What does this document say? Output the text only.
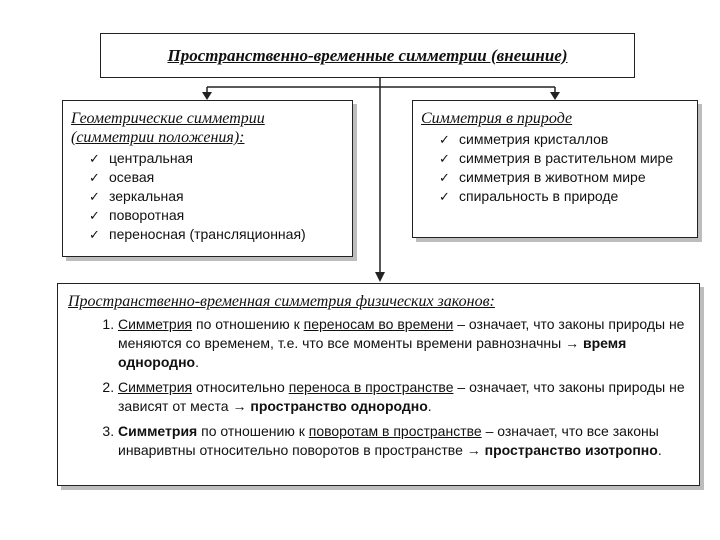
Пространственно-временные симметрии (внешние)
Геометрические симметрии
(симметрии положения):
✓ центральная
✓ осевая
✓ зеркальная
✓ поворотная
✓ переносная (трансляционная)
Симметрия в природе
✓ симметрия кристаллов
✓ симметрия в растительном мире
✓ симметрия в животном мире
✓ спиральность в природе
Пространственно-временная симметрия физических законов:
1. Симметрия по отношению к переносам во времени – означает, что законы природы не меняются со временем, т.е. что все моменты времени равнозначны → время однородно.
2. Симметрия относительно переноса в пространстве – означает, что законы природы не зависят от места → пространство однородно.
3. Симметрия по отношению к поворотам в пространстве – означает, что все законы инваривтны относительно поворотов в пространстве → пространство изотропно.
